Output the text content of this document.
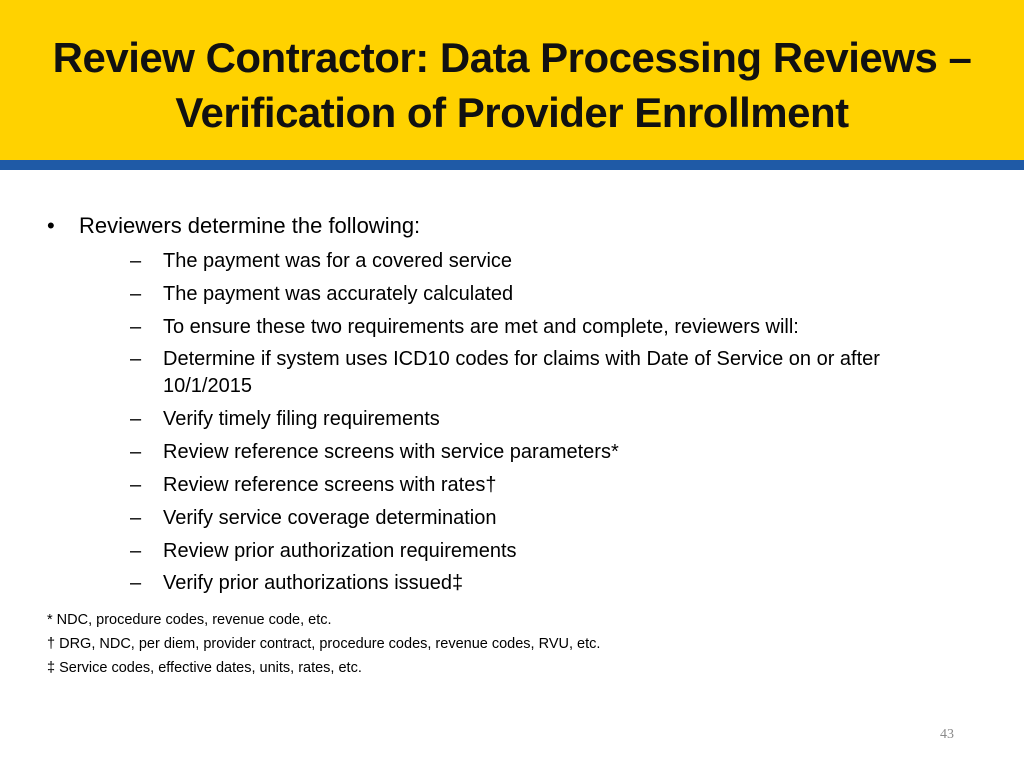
Review Contractor: Data Processing Reviews –
Verification of Provider Enrollment
•	Reviewers determine the following:
–	The payment was for a covered service
–	The payment was accurately calculated
–	To ensure these two requirements are met and complete, reviewers will:
–	Determine if system uses ICD10 codes for claims with Date of Service on or after 10/1/2015
–	Verify timely filing requirements
–	Review reference screens with service parameters*
–	Review reference screens with rates†
–	Verify service coverage determination
–	Review prior authorization requirements
–	Verify prior authorizations issued‡
* NDC, procedure codes, revenue code, etc.
† DRG, NDC, per diem, provider contract, procedure codes, revenue codes, RVU, etc.
‡ Service codes, effective dates, units, rates, etc.
43
